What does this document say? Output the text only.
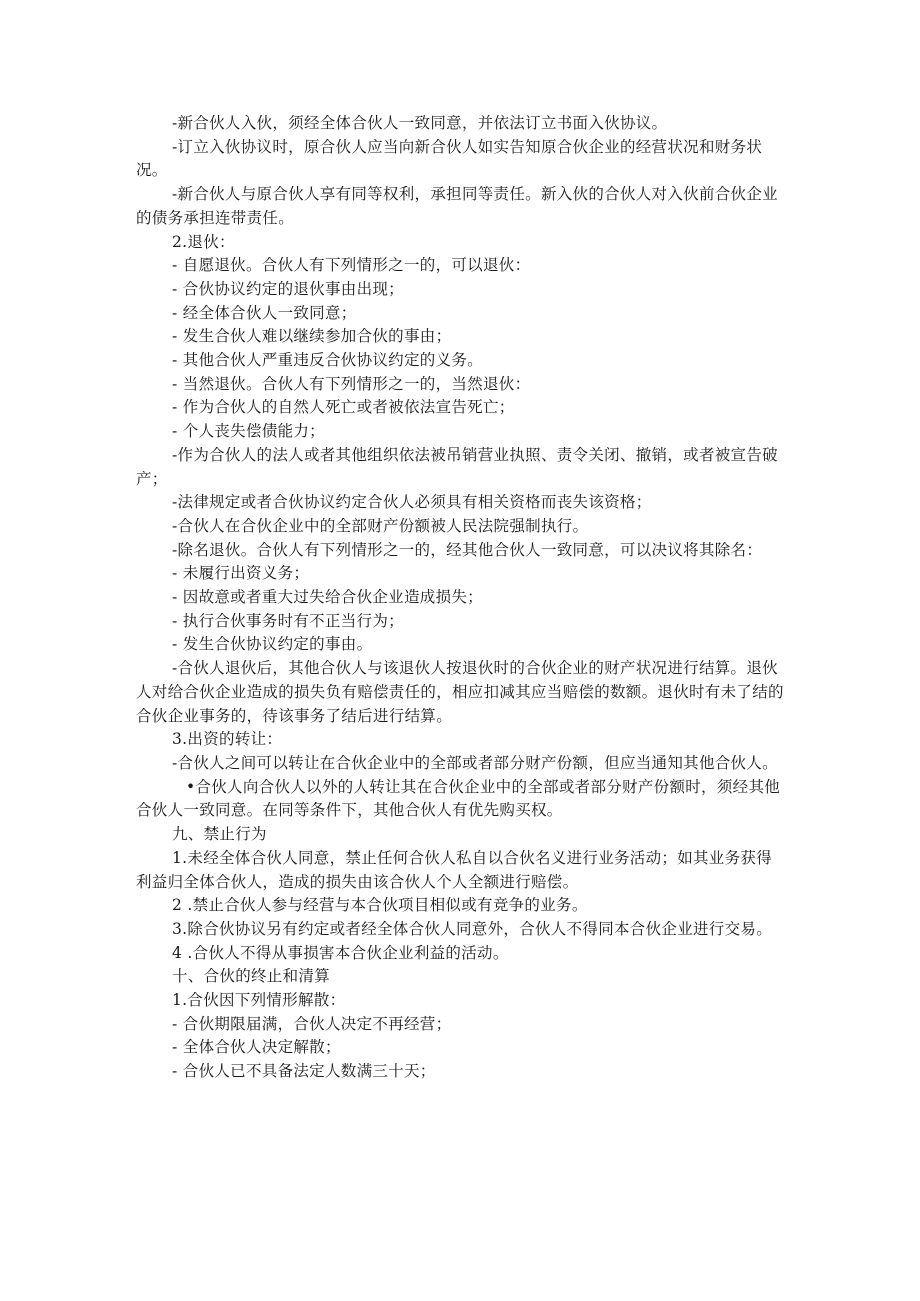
-新合伙人入伙，须经全体合伙人一致同意，并依法订立书面入伙协议。

-订立入伙协议时，原合伙人应当向新合伙人如实告知原合伙企业的经营状况和财务状况。

-新合伙人与原合伙人享有同等权利，承担同等责任。新入伙的合伙人对入伙前合伙企业的债务承担连带责任。

2.退伙：

- 自愿退伙。合伙人有下列情形之一的，可以退伙：

- 合伙协议约定的退伙事由出现；

- 经全体合伙人一致同意；

- 发生合伙人难以继续参加合伙的事由；

- 其他合伙人严重违反合伙协议约定的义务。

- 当然退伙。合伙人有下列情形之一的，当然退伙：

- 作为合伙人的自然人死亡或者被依法宣告死亡；

- 个人丧失偿债能力；

-作为合伙人的法人或者其他组织依法被吊销营业执照、责令关闭、撤销，或者被宣告破产；

-法律规定或者合伙协议约定合伙人必须具有相关资格而丧失该资格；

-合伙人在合伙企业中的全部财产份额被人民法院强制执行。

-除名退伙。合伙人有下列情形之一的，经其他合伙人一致同意，可以决议将其除名：

- 未履行出资义务；

- 因故意或者重大过失给合伙企业造成损失；

- 执行合伙事务时有不正当行为；

- 发生合伙协议约定的事由。

-合伙人退伙后，其他合伙人与该退伙人按退伙时的合伙企业的财产状况进行结算。退伙人对给合伙企业造成的损失负有赔偿责任的，相应扣减其应当赔偿的数额。退伙时有未了结的合伙企业事务的，待该事务了结后进行结算。

3.出资的转让：

-合伙人之间可以转让在合伙企业中的全部或者部分财产份额，但应当通知其他合伙人。

•合伙人向合伙人以外的人转让其在合伙企业中的全部或者部分财产份额时，须经其他合伙人一致同意。在同等条件下，其他合伙人有优先购买权。

九、禁止行为

1.未经全体合伙人同意，禁止任何合伙人私自以合伙名义进行业务活动；如其业务获得利益归全体合伙人，造成的损失由该合伙人个人全额进行赔偿。

2 .禁止合伙人参与经营与本合伙项目相似或有竞争的业务。

3.除合伙协议另有约定或者经全体合伙人同意外，合伙人不得同本合伙企业进行交易。

4 .合伙人不得从事损害本合伙企业利益的活动。

十、合伙的终止和清算

1.合伙因下列情形解散：

- 合伙期限届满，合伙人决定不再经营；

- 全体合伙人决定解散；

- 合伙人已不具备法定人数满三十天；
